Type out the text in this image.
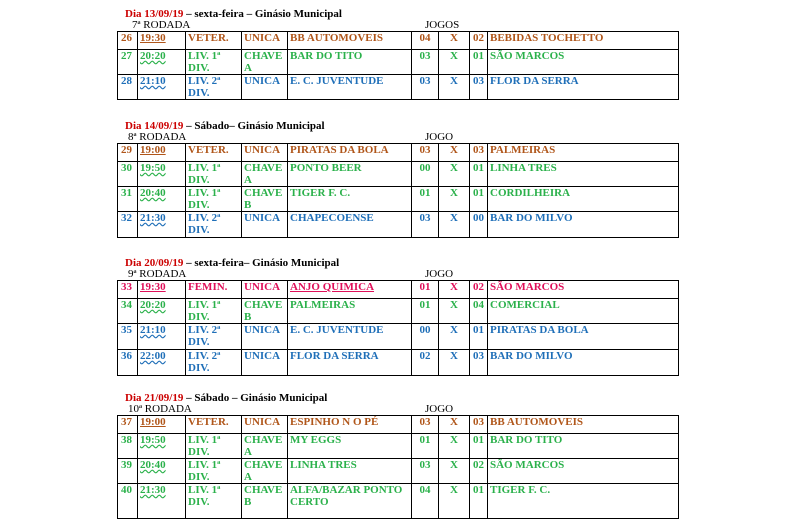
Dia 13/09/19 – sexta-feira – Ginásio Municipal
7ª RODADA	JOGOS
26	19:30	VETER.	UNICA	BB AUTOMOVEIS	04	X	02	BEBIDAS TOCHETTO
27	20:20	LIV. 1ª DIV.	CHAVE A	BAR DO TITO	03	X	01	SÃO MARCOS
28	21:10	LIV. 2ª DIV.	UNICA	E. C. JUVENTUDE	03	X	03	FLOR DA SERRA
Dia 14/09/19 – Sábado– Ginásio Municipal
8ª RODADA	JOGO
29	19:00	VETER.	UNICA	PIRATAS DA BOLA	03	X	03	PALMEIRAS
30	19:50	LIV. 1ª DIV.	CHAVE A	PONTO BEER	00	X	01	LINHA TRES
31	20:40	LIV. 1ª DIV.	CHAVE B	TIGER F. C.	01	X	01	CORDILHEIRA
32	21:30	LIV. 2ª DIV.	UNICA	CHAPECOENSE	03	X	00	BAR DO MILVO
Dia 20/09/19 – sexta-feira– Ginásio Municipal
9ª RODADA	JOGO
33	19:30	FEMIN.	UNICA	ANJO QUIMICA	01	X	02	SÃO MARCOS
34	20:20	LIV. 1ª DIV.	CHAVE B	PALMEIRAS	01	X	04	COMERCIAL
35	21:10	LIV. 2ª DIV.	UNICA	E. C. JUVENTUDE	00	X	01	PIRATAS DA BOLA
36	22:00	LIV. 2ª DIV.	UNICA	FLOR DA SERRA	02	X	03	BAR DO MILVO
Dia 21/09/19 – Sábado – Ginásio Municipal
10ª RODADA	JOGO
37	19:00	VETER.	UNICA	ESPINHO N O PÉ	03	X	03	BB AUTOMOVEIS
38	19:50	LIV. 1ª DIV.	CHAVE A	MY EGGS	01	X	01	BAR DO TITO
39	20:40	LIV. 1ª DIV.	CHAVE A	LINHA TRES	03	X	02	SÃO MARCOS
40	21:30	LIV. 1ª DIV.	CHAVE B	ALFA/BAZAR PONTO CERTO	04	X	01	TIGER F. C.
